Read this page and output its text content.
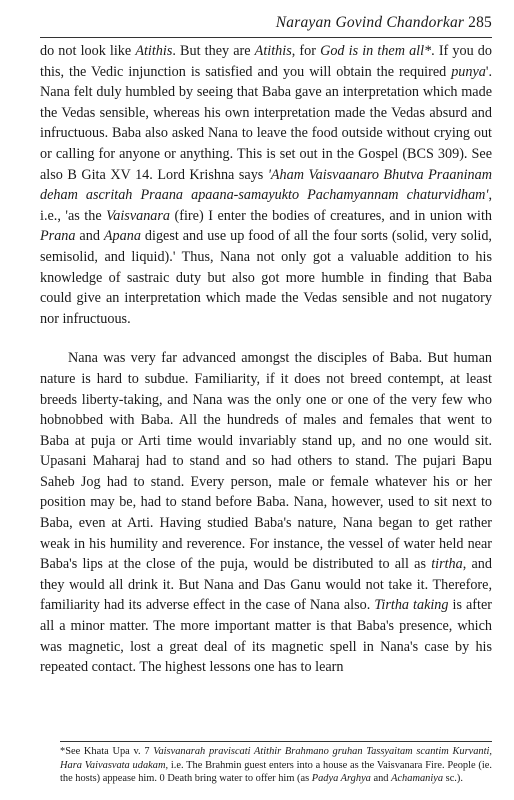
Narayan Govind Chandorkar 285

do not look like Atithis. But they are Atithis, for God is in them all*. If you do this, the Vedic injunction is satisfied and you will obtain the required punya'. Nana felt duly humbled by seeing that Baba gave an interpretation which made the Vedas sensible, whereas his own interpretation made the Vedas absurd and infructuous. Baba also asked Nana to leave the food outside without crying out or calling for anyone or anything. This is set out in the Gospel (BCS 309). See also B Gita XV 14. Lord Krishna says 'Aham Vaisvaanaro Bhutva Praaninam deham ascritah Praana apaana-samayukto Pachamyannam chaturvidham', i.e., 'as the Vaisvanara (fire) I enter the bodies of creatures, and in union with Prana and Apana digest and use up food of all the four sorts (solid, very solid, semisolid, and liquid).' Thus, Nana not only got a valuable addition to his knowledge of sastraic duty but also got more humble in finding that Baba could give an interpretation which made the Vedas sensible and not nugatory nor infructuous.

Nana was very far advanced amongst the disciples of Baba. But human nature is hard to subdue. Familiarity, if it does not breed contempt, at least breeds liberty-taking, and Nana was the only one or one of the very few who hobnobbed with Baba. All the hundreds of males and females that went to Baba at puja or Arti time would invariably stand up, and no one would sit. Upasani Maharaj had to stand and so had others to stand. The pujari Bapu Saheb Jog had to stand. Every person, male or female whatever his or her position may be, had to stand before Baba. Nana, however, used to sit next to Baba, even at Arti. Having studied Baba's nature, Nana began to get rather weak in his humility and reverence. For instance, the vessel of water held near Baba's lips at the close of the puja, would be distributed to all as tirtha, and they would all drink it. But Nana and Das Ganu would not take it. Therefore, familiarity had its adverse effect in the case of Nana also. Tirtha taking is after all a minor matter. The more important matter is that Baba's presence, which was magnetic, lost a great deal of its magnetic spell in Nana's case by his repeated contact. The highest lessons one has to learn

*See Khata Upa v. 7 Vaisvanarah praviscati Atithir Brahmano gruhan Tassyaitam scantim Kurvanti, Hara Vaivasvata udakam, i.e. The Brahmin guest enters into a house as the Vaisvanara Fire. People (ie. the hosts) appease him. 0 Death bring water to offer him (as Padya Arghya and Achamaniya sc.).
